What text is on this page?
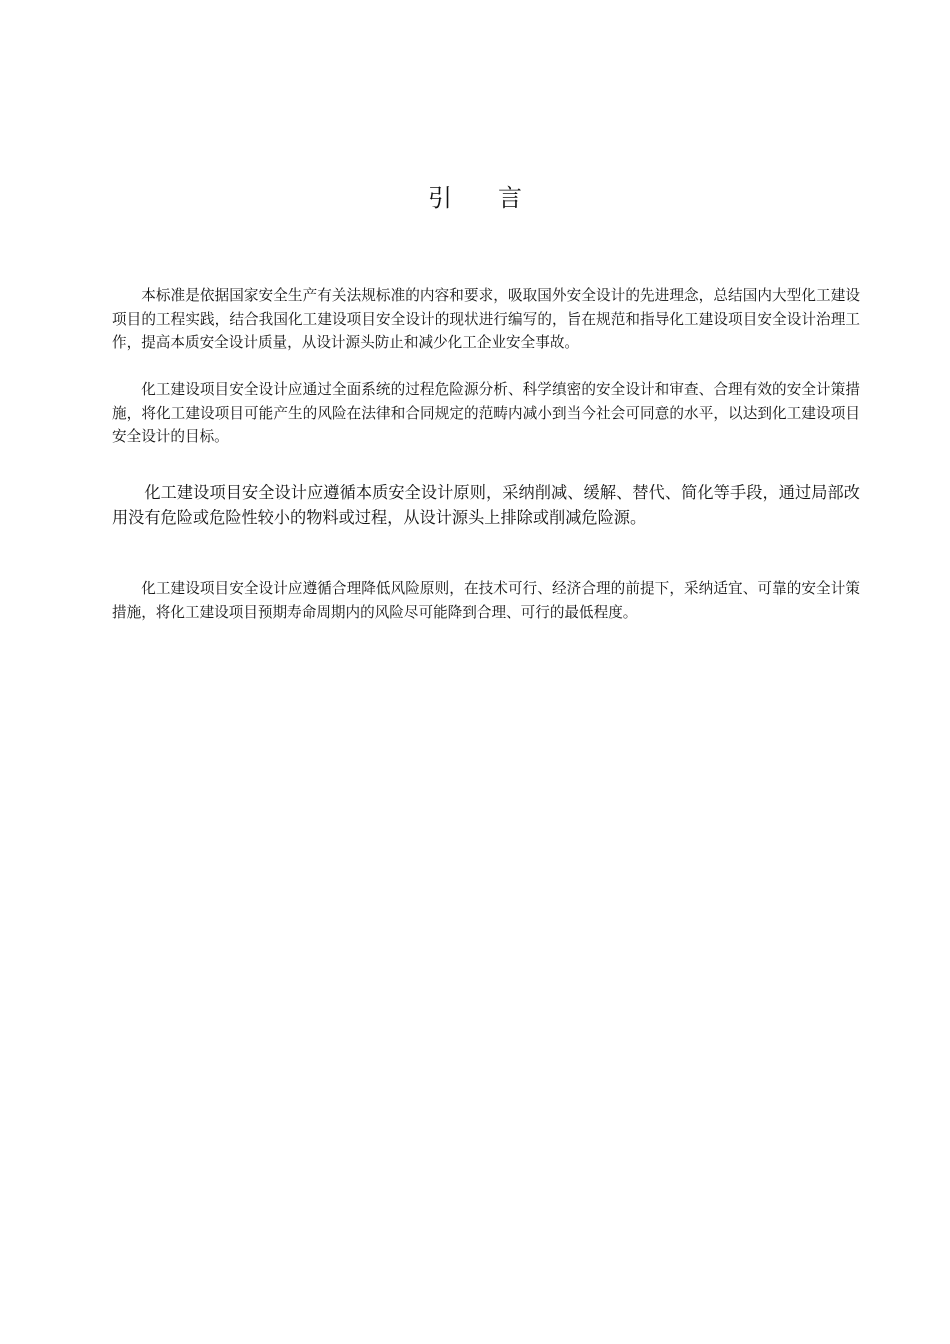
引言

本标准是依据国家安全生产有关法规标准的内容和要求，吸取国外安全设计的先进理念，总结国内大型化工建设项目的工程实践，结合我国化工建设项目安全设计的现状进行编写的，旨在规范和指导化工建设项目安全设计治理工作，提高本质安全设计质量，从设计源头防止和减少化工企业安全事故。

化工建设项目安全设计应通过全面系统的过程危险源分析、科学缜密的安全设计和审查、合理有效的安全计策措施，将化工建设项目可能产生的风险在法律和合同规定的范畴内减小到当今社会可同意的水平，以达到化工建设项目安全设计的目标。

化工建设项目安全设计应遵循本质安全设计原则，采纳削减、缓解、替代、简化等手段，通过局部改用没有危险或危险性较小的物料或过程，从设计源头上排除或削减危险源。

化工建设项目安全设计应遵循合理降低风险原则，在技术可行、经济合理的前提下，采纳适宜、可靠的安全计策措施，将化工建设项目预期寿命周期内的风险尽可能降到合理、可行的最低程度。
